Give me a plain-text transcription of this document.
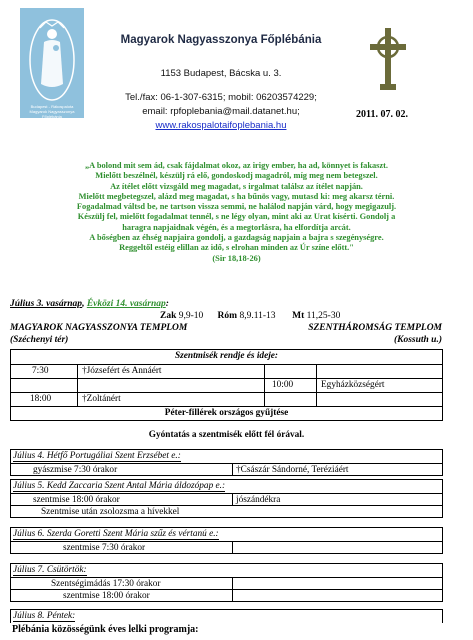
Budapest - Rákospalota Magyarok Nagyasszonya Főplébánia
Magyarok Nagyasszonya Főplébánia
1153 Budapest, Bácska u. 3.
Tel./fax: 06-1-307-6315; mobil: 06203574229;
email: rpfoplebania@mail.datanet.hu;
www.rakospalotaifoplebania.hu
2011. 07. 02.
„A bolond mit sem ád, csak fájdalmat okoz, az irigy ember, ha ad, könnyet is fakaszt.
Mielőtt beszélnél, készülj rá elő, gondoskodj magadról, míg meg nem betegszel.
Az ítélet előtt vizsgáld meg magadat, s irgalmat találsz az ítélet napján.
Mielőtt megbetegszel, alázd meg magadat, s ha bűnös vagy, mutasd ki: meg akarsz térni.
Fogadalmad váltsd be, ne tartson vissza semmi, ne halálod napján várd, hogy megigazulj.
Készülj fel, mielőtt fogadalmat tennél, s ne légy olyan, mint aki az Urat kísérti. Gondolj a
haragra napjaidnak végén, és a megtorlásra, ha elfordítja arcát.
A bőségben az éhség napjaira gondolj, a gazdagság napjain a bajra s szegénységre.
Reggeltől estéig elillan az idő, s elrohan minden az Úr színe előtt."
(Sir 18,18-26)
Július 3. vasárnap, Évközi 14. vasárnap:
Zak 9,9-10 Róm 8,9.11-13 Mt 11,25-30
MAGYAROK NAGYASSZONYA TEMPLOM	SZENTHÁROMSÁG TEMPLOM
(Széchenyi tér)	(Kossuth u.)
Szentmisék rendje és ideje:
7:30	†Józsefért és Annáért
10:00	Egyházközségért
18:00	†Zoltánért
Péter-fillérek országos gyűjtése
Gyóntatás a szentmisék előtt fél órával.
Július 4. Hétfő Portugáliai Szent Erzsébet e.:
gyászmise 7:30 órakor	†Császár Sándorné, Teréziáért
Július 5. Kedd Zaccaria Szent Antal Mária áldozópap e.:
szentmise 18:00 órakor	jószándékra
Szentmise után zsolozsma a hívekkel
Július 6. Szerda Goretti Szent Mária szűz és vértanú e.:
szentmise 7:30 órakor
Július 7. Csütörtök:
Szentségimádás 17:30 órakor
szentmise 18:00 órakor
Július 8. Péntek:
Plébánia közösségünk éves lelki programja:
